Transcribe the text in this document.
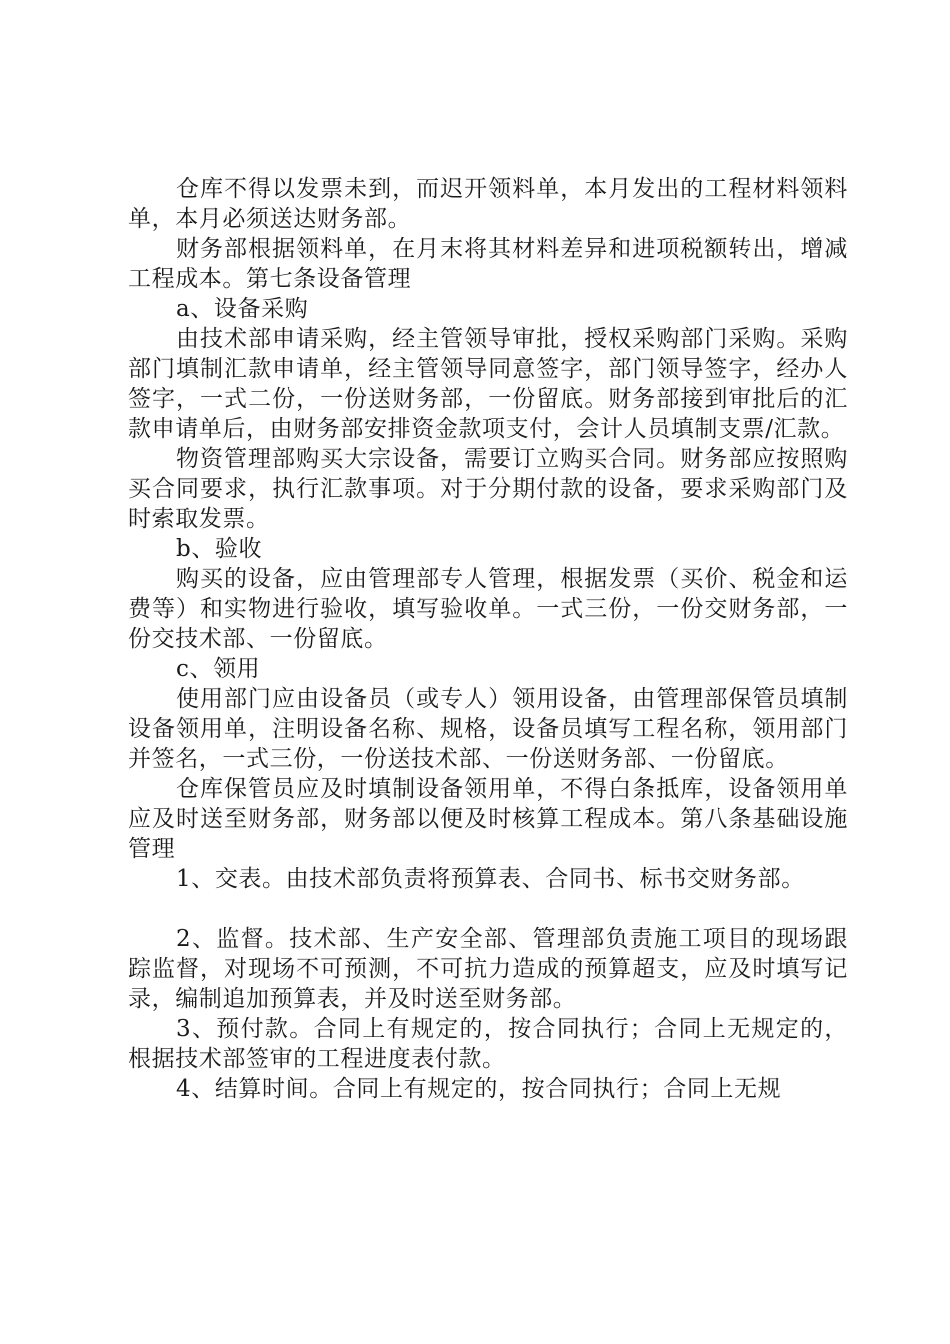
仓库不得以发票未到，而迟开领料单，本月发出的工程材料领料单，本月必须送达财务部。

财务部根据领料单，在月末将其材料差异和进项税额转出，增减工程成本。第七条设备管理

a、设备采购

由技术部申请采购，经主管领导审批，授权采购部门采购。采购部门填制汇款申请单，经主管领导同意签字，部门领导签字，经办人签字，一式二份，一份送财务部，一份留底。财务部接到审批后的汇款申请单后，由财务部安排资金款项支付，会计人员填制支票/汇款。

物资管理部购买大宗设备，需要订立购买合同。财务部应按照购买合同要求，执行汇款事项。对于分期付款的设备，要求采购部门及时索取发票。

b、验收

购买的设备，应由管理部专人管理，根据发票（买价、税金和运费等）和实物进行验收，填写验收单。一式三份，一份交财务部，一份交技术部、一份留底。

c、领用

使用部门应由设备员（或专人）领用设备，由管理部保管员填制设备领用单，注明设备名称、规格，设备员填写工程名称，领用部门并签名，一式三份，一份送技术部、一份送财务部、一份留底。

仓库保管员应及时填制设备领用单，不得白条抵库，设备领用单应及时送至财务部，财务部以便及时核算工程成本。第八条基础设施管理

1、交表。由技术部负责将预算表、合同书、标书交财务部。

2、监督。技术部、生产安全部、管理部负责施工项目的现场跟踪监督，对现场不可预测，不可抗力造成的预算超支，应及时填写记录，编制追加预算表，并及时送至财务部。

3、预付款。合同上有规定的，按合同执行；合同上无规定的，根据技术部签审的工程进度表付款。

4、结算时间。合同上有规定的，按合同执行；合同上无规
